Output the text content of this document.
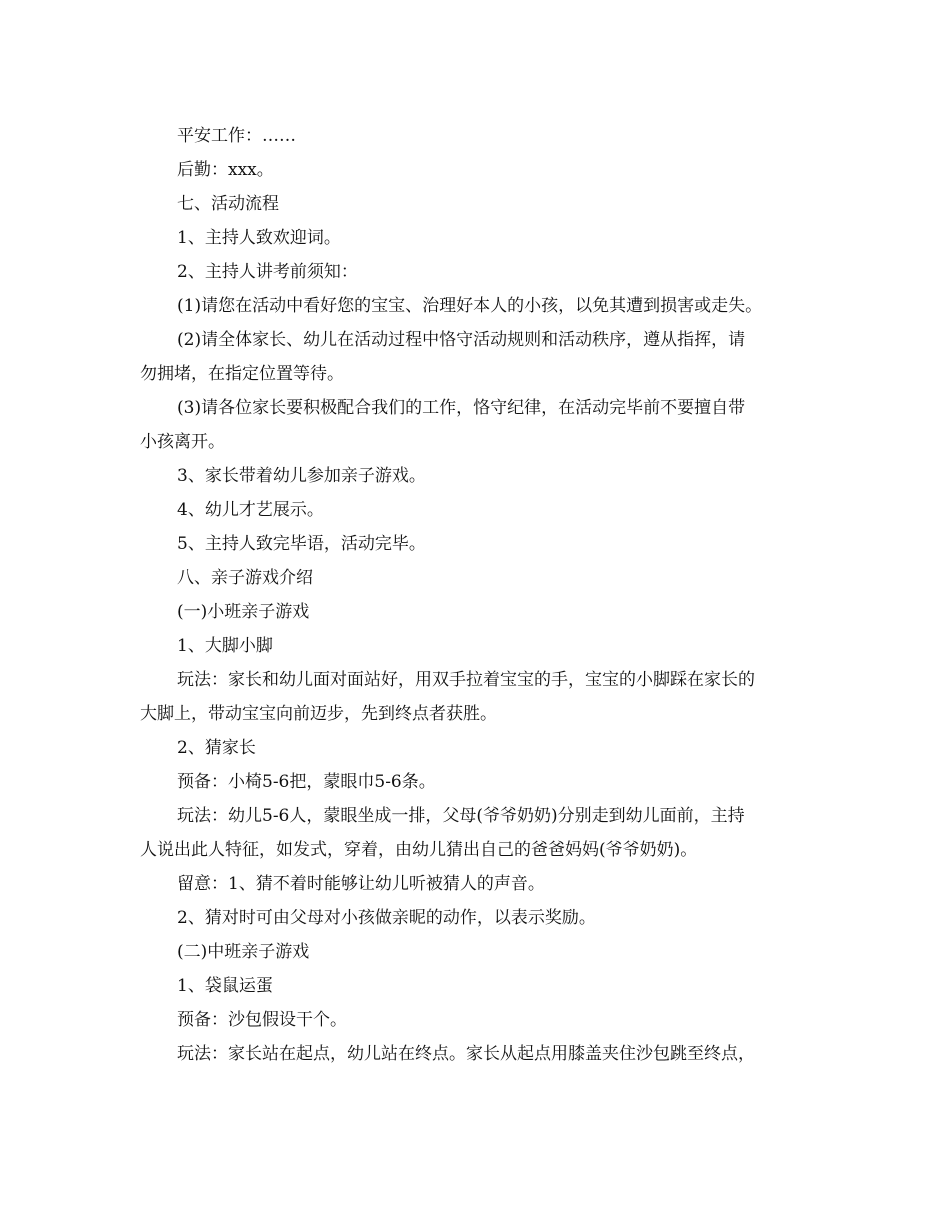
平安工作：……
后勤：xxx。
七、活动流程
1、主持人致欢迎词。
2、主持人讲考前须知：
(1)请您在活动中看好您的宝宝、治理好本人的小孩，以免其遭到损害或走失。
(2)请全体家长、幼儿在活动过程中恪守活动规则和活动秩序，遵从指挥，请
勿拥堵，在指定位置等待。
(3)请各位家长要积极配合我们的工作，恪守纪律，在活动完毕前不要擅自带
小孩离开。
3、家长带着幼儿参加亲子游戏。
4、幼儿才艺展示。
5、主持人致完毕语，活动完毕。
八、亲子游戏介绍
(一)小班亲子游戏
1、大脚小脚
玩法：家长和幼儿面对面站好，用双手拉着宝宝的手，宝宝的小脚踩在家长的
大脚上，带动宝宝向前迈步，先到终点者获胜。
2、猜家长
预备：小椅5-6把，蒙眼巾5-6条。
玩法：幼儿5-6人，蒙眼坐成一排，父母(爷爷奶奶)分别走到幼儿面前，主持
人说出此人特征，如发式，穿着，由幼儿猜出自己的爸爸妈妈(爷爷奶奶)。
留意：1、猜不着时能够让幼儿听被猜人的声音。
2、猜对时可由父母对小孩做亲昵的动作，以表示奖励。
(二)中班亲子游戏
1、袋鼠运蛋
预备：沙包假设干个。
玩法：家长站在起点，幼儿站在终点。家长从起点用膝盖夹住沙包跳至终点，
